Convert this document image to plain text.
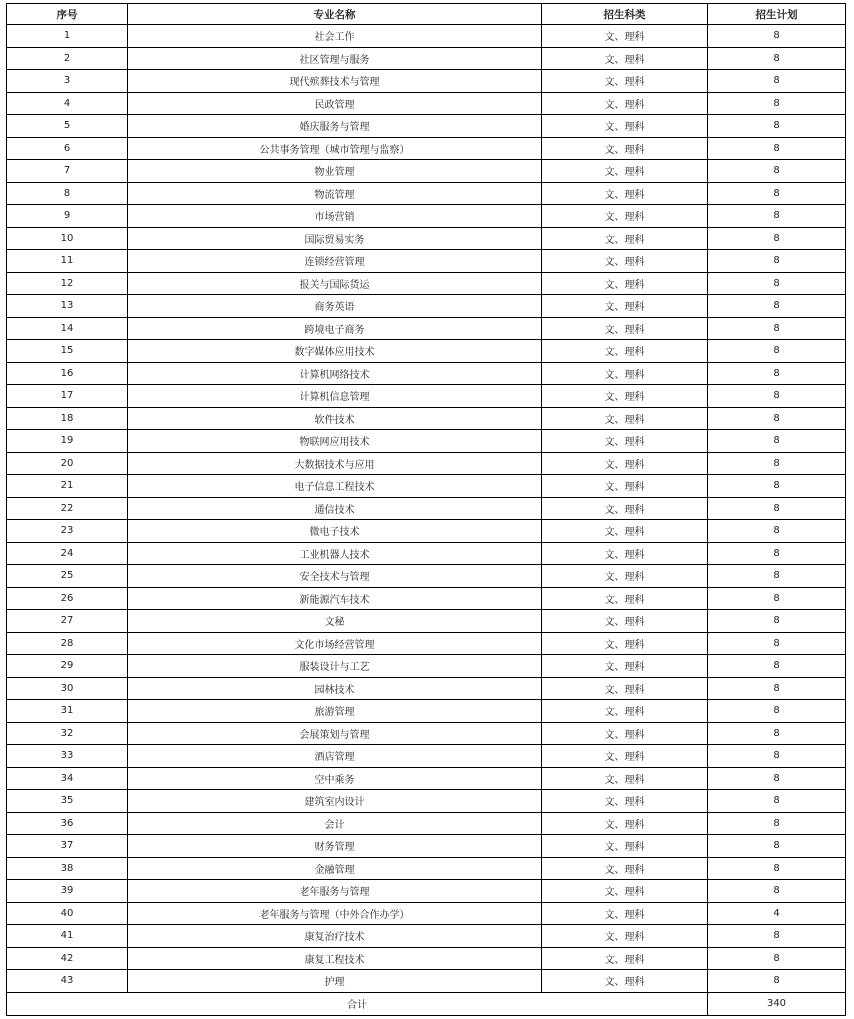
序号	专业名称	招生科类	招生计划
1	社会工作	文、理科	8
2	社区管理与服务	文、理科	8
3	现代殡葬技术与管理	文、理科	8
4	民政管理	文、理科	8
5	婚庆服务与管理	文、理科	8
6	公共事务管理（城市管理与监察）	文、理科	8
7	物业管理	文、理科	8
8	物流管理	文、理科	8
9	市场营销	文、理科	8
10	国际贸易实务	文、理科	8
11	连锁经营管理	文、理科	8
12	报关与国际货运	文、理科	8
13	商务英语	文、理科	8
14	跨境电子商务	文、理科	8
15	数字媒体应用技术	文、理科	8
16	计算机网络技术	文、理科	8
17	计算机信息管理	文、理科	8
18	软件技术	文、理科	8
19	物联网应用技术	文、理科	8
20	大数据技术与应用	文、理科	8
21	电子信息工程技术	文、理科	8
22	通信技术	文、理科	8
23	微电子技术	文、理科	8
24	工业机器人技术	文、理科	8
25	安全技术与管理	文、理科	8
26	新能源汽车技术	文、理科	8
27	文秘	文、理科	8
28	文化市场经营管理	文、理科	8
29	服装设计与工艺	文、理科	8
30	园林技术	文、理科	8
31	旅游管理	文、理科	8
32	会展策划与管理	文、理科	8
33	酒店管理	文、理科	8
34	空中乘务	文、理科	8
35	建筑室内设计	文、理科	8
36	会计	文、理科	8
37	财务管理	文、理科	8
38	金融管理	文、理科	8
39	老年服务与管理	文、理科	8
40	老年服务与管理（中外合作办学）	文、理科	4
41	康复治疗技术	文、理科	8
42	康复工程技术	文、理科	8
43	护理	文、理科	8
合计			340
